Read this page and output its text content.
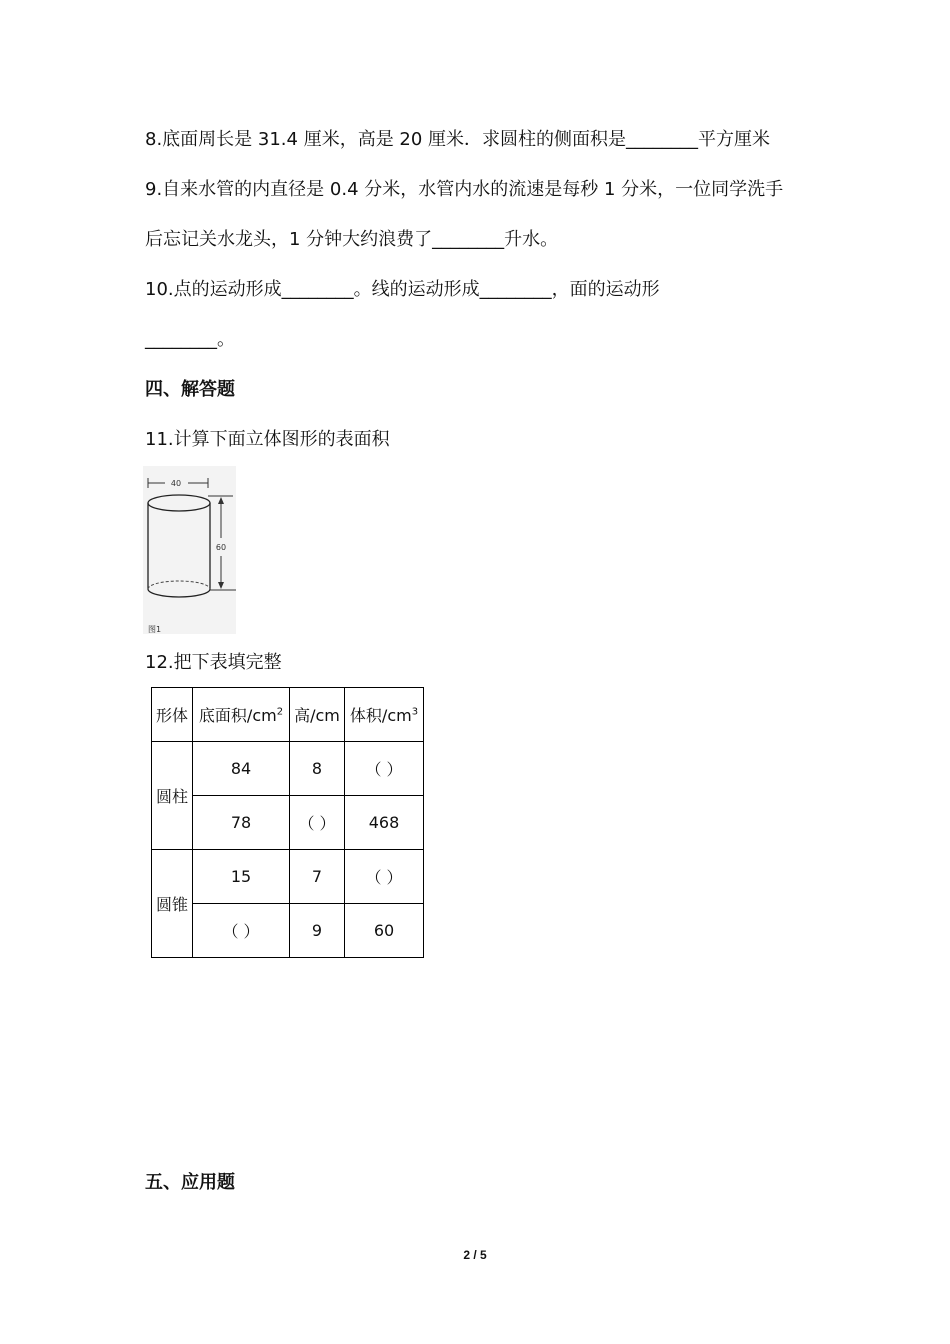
8.底面周长是 31.4 厘米，高是 20 厘米．求圆柱的侧面积是________平方厘米
9.自来水管的内直径是 0.4 分米，水管内水的流速是每秒 1 分米，一位同学洗手
后忘记关水龙头，1 分钟大约浪费了________升水。
10.点的运动形成________。线的运动形成________，面的运动形
________。
四、解答题
11.计算下面立体图形的表面积
40
60
图1
12.把下表填完整
形体	底面积$/cm^2$	高/cm	体积$/cm^3$
圆柱	84	8	（ ）
	78	（ ）	468
圆锥	15	7	（ ）
	（ ）	9	60
五、应用题
2 / 5
